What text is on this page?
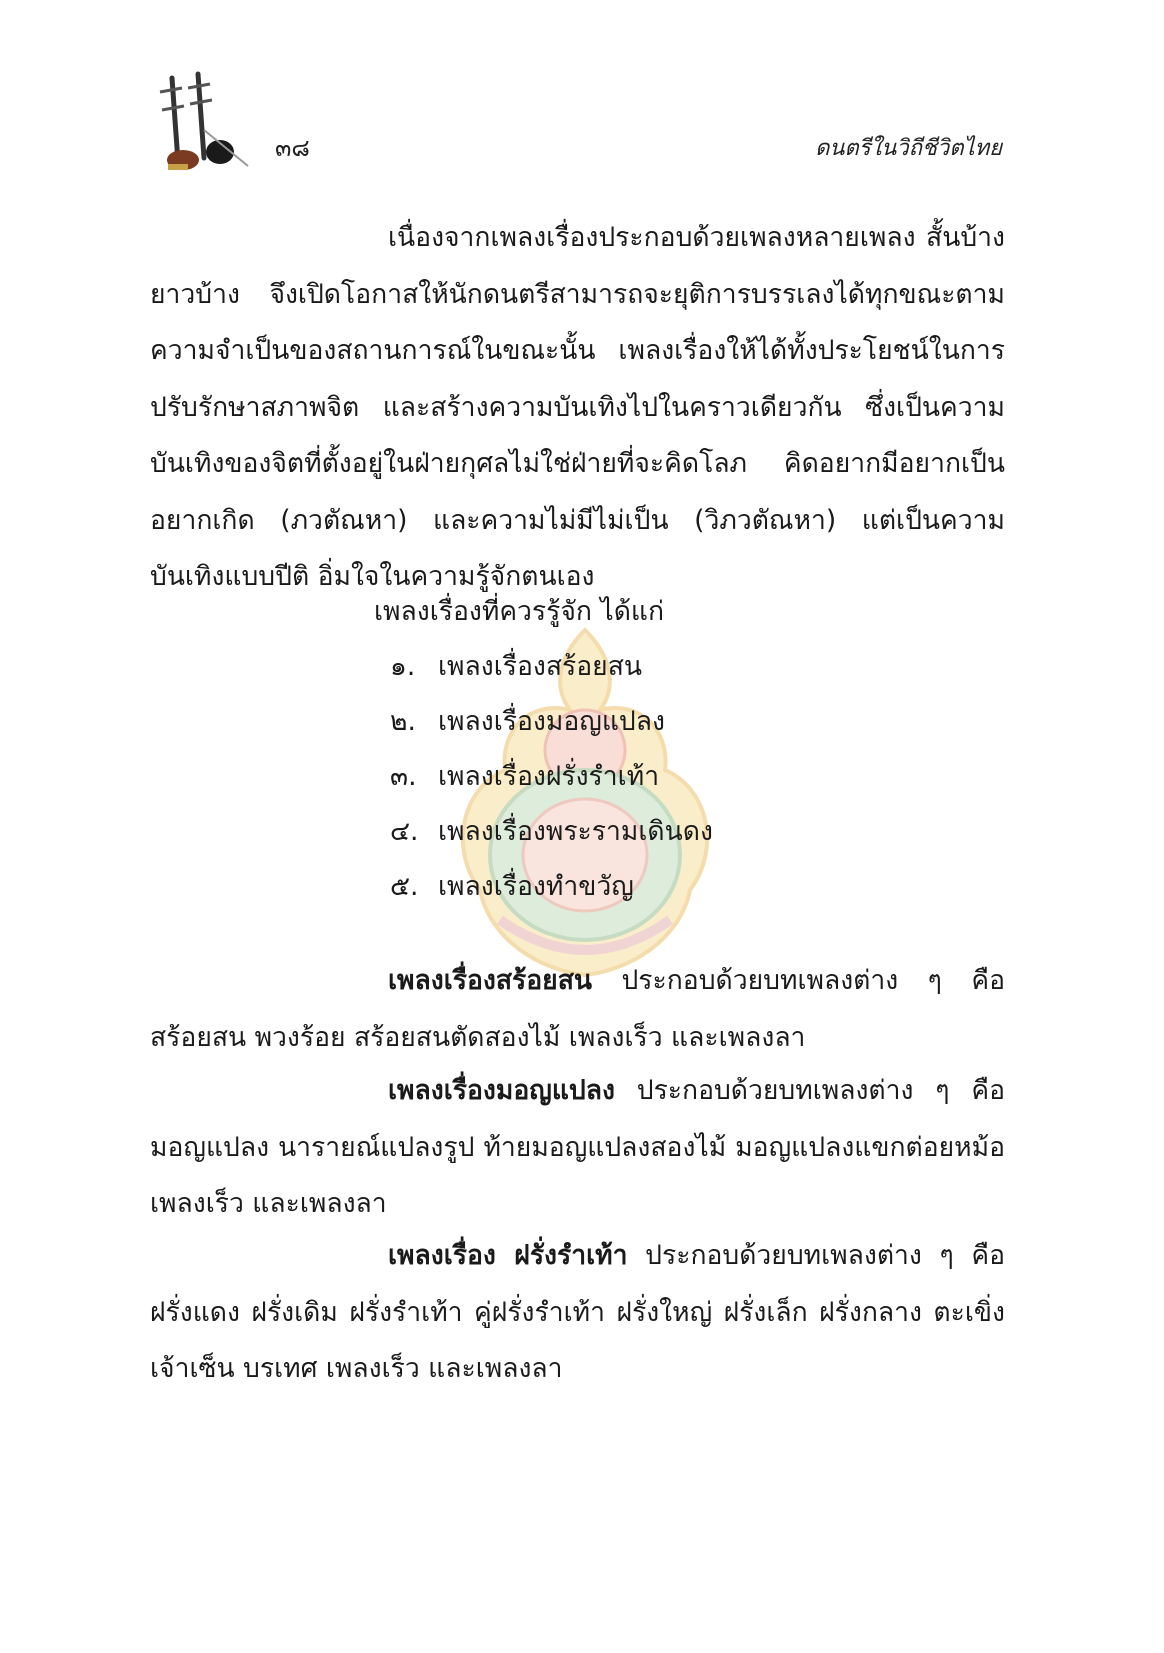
๓๘	ดนตรีในวิถีชีวิตไทย

เนื่องจากเพลงเรื่องประกอบด้วยเพลงหลายเพลง สั้นบ้าง ยาวบ้าง จึงเปิดโอกาสให้นักดนตรีสามารถจะยุติการบรรเลงได้ทุกขณะตามความจำเป็นของสถานการณ์ในขณะนั้น เพลงเรื่องให้ได้ทั้งประโยชน์ในการปรับรักษาสภาพจิต และสร้างความบันเทิงไปในคราวเดียวกัน ซึ่งเป็นความบันเทิงของจิตที่ตั้งอยู่ในฝ่ายกุศลไม่ใช่ฝ่ายที่จะคิดโลภ คิดอยากมีอยากเป็นอยากเกิด (ภวตัณหา) และความไม่มีไม่เป็น (วิภวตัณหา) แต่เป็นความบันเทิงแบบปีติ อิ่มใจในความรู้จักตนเอง

เพลงเรื่องที่ควรรู้จัก ได้แก่
๑. เพลงเรื่องสร้อยสน
๒. เพลงเรื่องมอญแปลง
๓. เพลงเรื่องฝรั่งรำเท้า
๔. เพลงเรื่องพระรามเดินดง
๕. เพลงเรื่องทำขวัญ

เพลงเรื่องสร้อยสน ประกอบด้วยบทเพลงต่าง ๆ คือ สร้อยสน พวงร้อย สร้อยสนตัดสองไม้ เพลงเร็ว และเพลงลา

เพลงเรื่องมอญแปลง ประกอบด้วยบทเพลงต่าง ๆ คือ มอญแปลง นารายณ์แปลงรูป ท้ายมอญแปลงสองไม้ มอญแปลงแขกต่อยหม้อ เพลงเร็ว และเพลงลา

เพลงเรื่อง ฝรั่งรำเท้า ประกอบด้วยบทเพลงต่าง ๆ คือ ฝรั่งแดง ฝรั่งเดิม ฝรั่งรำเท้า คู่ฝรั่งรำเท้า ฝรั่งใหญ่ ฝรั่งเล็ก ฝรั่งกลาง ตะเขิ่ง เจ้าเซ็น บรเทศ เพลงเร็ว และเพลงลา
